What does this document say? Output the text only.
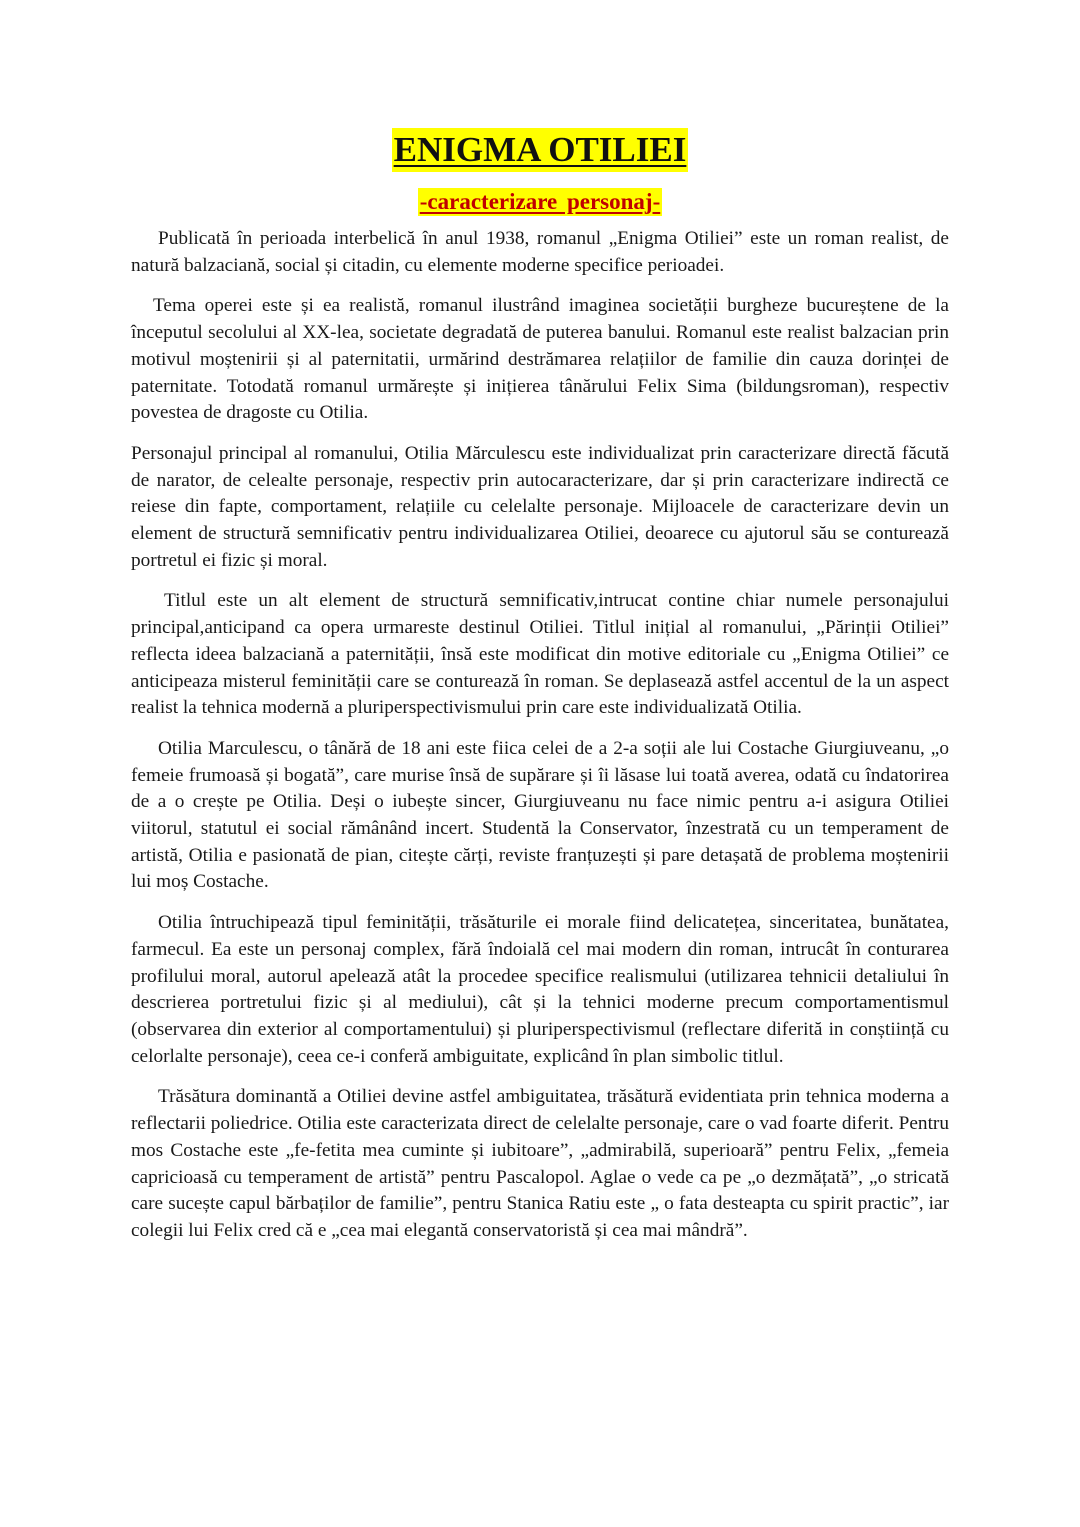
ENIGMA OTILIEI
-caracterizare personaj-

Publicată în perioada interbelică în anul 1938, romanul „Enigma Otiliei” este un roman realist, de natură balzaciană, social și citadin, cu elemente moderne specifice perioadei.

Tema operei este și ea realistă, romanul ilustrând imaginea societății burgheze bucureștene de la începutul secolului al XX-lea, societate degradată de puterea banului. Romanul este realist balzacian prin motivul moștenirii și al paternitatii, urmărind destrămarea relațiilor de familie din cauza dorinței de paternitate. Totodată romanul urmărește și inițierea tânărului Felix Sima (bildungsroman), respectiv povestea de dragoste cu Otilia.

Personajul principal al romanului, Otilia Mărculescu este individualizat prin caracterizare directă făcută de narator, de celealte personaje, respectiv prin autocaracterizare, dar și prin caracterizare indirectă ce reiese din fapte, comportament, relațiile cu celelalte personaje. Mijloacele de caracterizare devin un element de structură semnificativ pentru individualizarea Otiliei, deoarece cu ajutorul său se conturează portretul ei fizic și moral.

Titlul este un alt element de structură semnificativ,intrucat contine chiar numele personajului principal,anticipand ca opera urmareste destinul Otiliei. Titlul inițial al romanului, „Părinții Otiliei” reflecta ideea balzaciană a paternității, însă este modificat din motive editoriale cu „Enigma Otiliei” ce anticipeaza misterul feminității care se conturează în roman. Se deplasează astfel accentul de la un aspect realist la tehnica modernă a pluriperspectivismului prin care este individualizată Otilia.

Otilia Marculescu, o tânără de 18 ani este fiica celei de a 2-a soții ale lui Costache Giurgiuveanu, „o femeie frumoasă și bogată”, care murise însă de supărare și îi lăsase lui toată averea, odată cu îndatorirea de a o crește pe Otilia. Deși o iubește sincer, Giurgiuveanu nu face nimic pentru a-i asigura Otiliei viitorul, statutul ei social rămânând incert. Studentă la Conservator, înzestrată cu un temperament de artistă, Otilia e pasionată de pian, citește cărți, reviste franțuzești și pare detașată de problema moștenirii lui moș Costache.

Otilia întruchipează tipul feminității, trăsăturile ei morale fiind delicatețea, sinceritatea, bunătatea, farmecul. Ea este un personaj complex, fără îndoială cel mai modern din roman, intrucât în conturarea profilului moral, autorul apelează atât la procedee specifice realismului (utilizarea tehnicii detaliului în descrierea portretului fizic și al mediului), cât și la tehnici moderne precum comportamentismul (observarea din exterior al comportamentului) și pluriperspectivismul (reflectare diferită in conștiință cu celorlalte personaje), ceea ce-i conferă ambiguitate, explicând în plan simbolic titlul.

Trăsătura dominantă a Otiliei devine astfel ambiguitatea, trăsătură evidentiata prin tehnica moderna a reflectarii poliedrice. Otilia este caracterizata direct de celelalte personaje, care o vad foarte diferit. Pentru mos Costache este „fe-fetita mea cuminte și iubitoare”, „admirabilă, superioară” pentru Felix, „femeia capricioasă cu temperament de artistă” pentru Pascalopol. Aglae o vede ca pe „o dezmățată”, „o stricată care sucește capul bărbaților de familie”, pentru Stanica Ratiu este „ o fata desteapta cu spirit practic”, iar colegii lui Felix cred că e „cea mai elegantă conservatoristă și cea mai mândră”.
